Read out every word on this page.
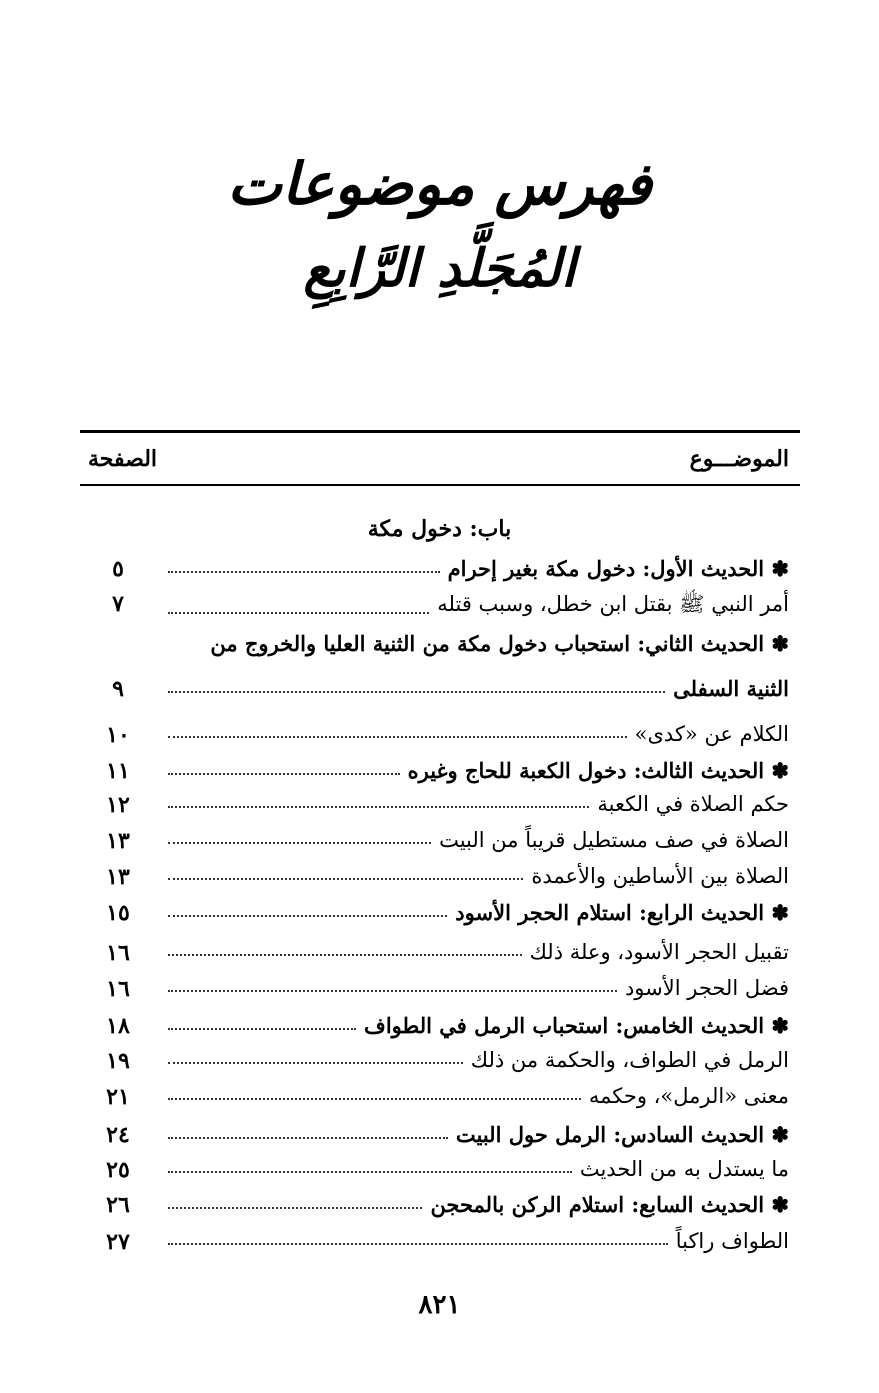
فهرس موضوعات
المُجَلَّدِ الرَّابِعِ
الموضـــوع
الصفحة
باب: دخول مكة
✽ الحديث الأول: دخول مكة بغير إحرام
٥
أمر النبي ﷺ بقتل ابن خطل، وسبب قتله
٧
✽ الحديث الثاني: استحباب دخول مكة من الثنية العليا والخروج من
الثنية السفلى
٩
الكلام عن «كدى»
١٠
✽ الحديث الثالث: دخول الكعبة للحاج وغيره
١١
حكم الصلاة في الكعبة
١٢
الصلاة في صف مستطيل قريباً من البيت
١٣
الصلاة بين الأساطين والأعمدة
١٣
✽ الحديث الرابع: استلام الحجر الأسود
١٥
تقبيل الحجر الأسود، وعلة ذلك
١٦
فضل الحجر الأسود
١٦
✽ الحديث الخامس: استحباب الرمل في الطواف
١٨
الرمل في الطواف، والحكمة من ذلك
١٩
معنى «الرمل»، وحكمه
٢١
✽ الحديث السادس: الرمل حول البيت
٢٤
ما يستدل به من الحديث
٢٥
✽ الحديث السابع: استلام الركن بالمحجن
٢٦
الطواف راكباً
٢٧
٨٢١
